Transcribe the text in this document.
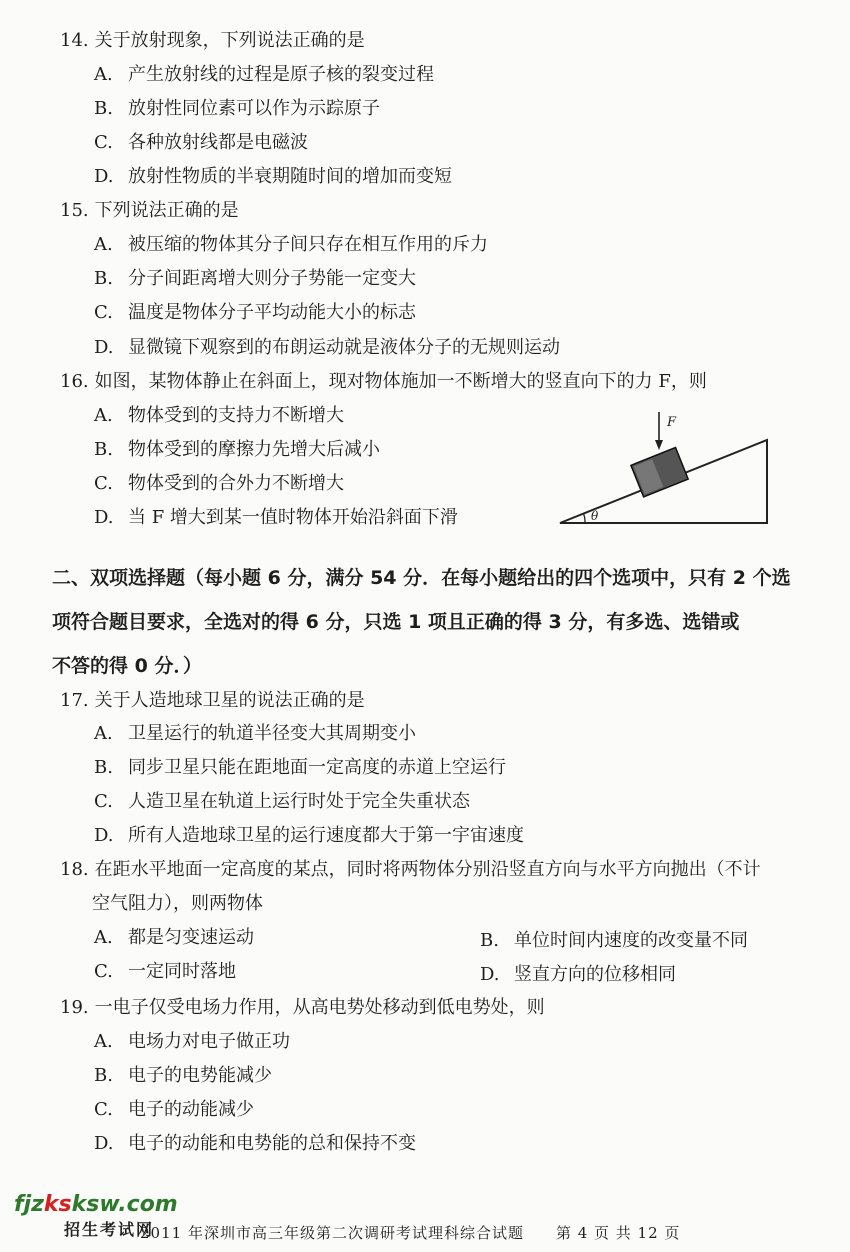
14. 关于放射现象，下列说法正确的是
A. 产生放射线的过程是原子核的裂变过程
B. 放射性同位素可以作为示踪原子
C. 各种放射线都是电磁波
D. 放射性物质的半衰期随时间的增加而变短
15. 下列说法正确的是
A. 被压缩的物体其分子间只存在相互作用的斥力
B. 分子间距离增大则分子势能一定变大
C. 温度是物体分子平均动能大小的标志
D. 显微镜下观察到的布朗运动就是液体分子的无规则运动
16. 如图，某物体静止在斜面上，现对物体施加一不断增大的竖直向下的力 F，则
A. 物体受到的支持力不断增大
B. 物体受到的摩擦力先增大后减小
C. 物体受到的合外力不断增大
D. 当 F 增大到某一值时物体开始沿斜面下滑
F
θ
二、双项选择题（每小题 6 分，满分 54 分．在每小题给出的四个选项中，只有 2 个选
项符合题目要求，全选对的得 6 分，只选 1 项且正确的得 3 分，有多选、选错或
不答的得 0 分．）
17. 关于人造地球卫星的说法正确的是
A. 卫星运行的轨道半径变大其周期变小
B. 同步卫星只能在距地面一定高度的赤道上空运行
C. 人造卫星在轨道上运行时处于完全失重状态
D. 所有人造地球卫星的运行速度都大于第一宇宙速度
18. 在距水平地面一定高度的某点，同时将两物体分别沿竖直方向与水平方向抛出（不计
空气阻力），则两物体
A. 都是匀变速运动	B. 单位时间内速度的改变量不同
C. 一定同时落地	D. 竖直方向的位移相同
19. 一电子仅受电场力作用，从高电势处移动到低电势处，则
A. 电场力对电子做正功
B. 电子的电势能减少
C. 电子的动能减少
D. 电子的动能和电势能的总和保持不变
fjzksksw.com
招生考试网
2011 年深圳市高三年级第二次调研考试理科综合试题　　第 4 页 共 12 页
